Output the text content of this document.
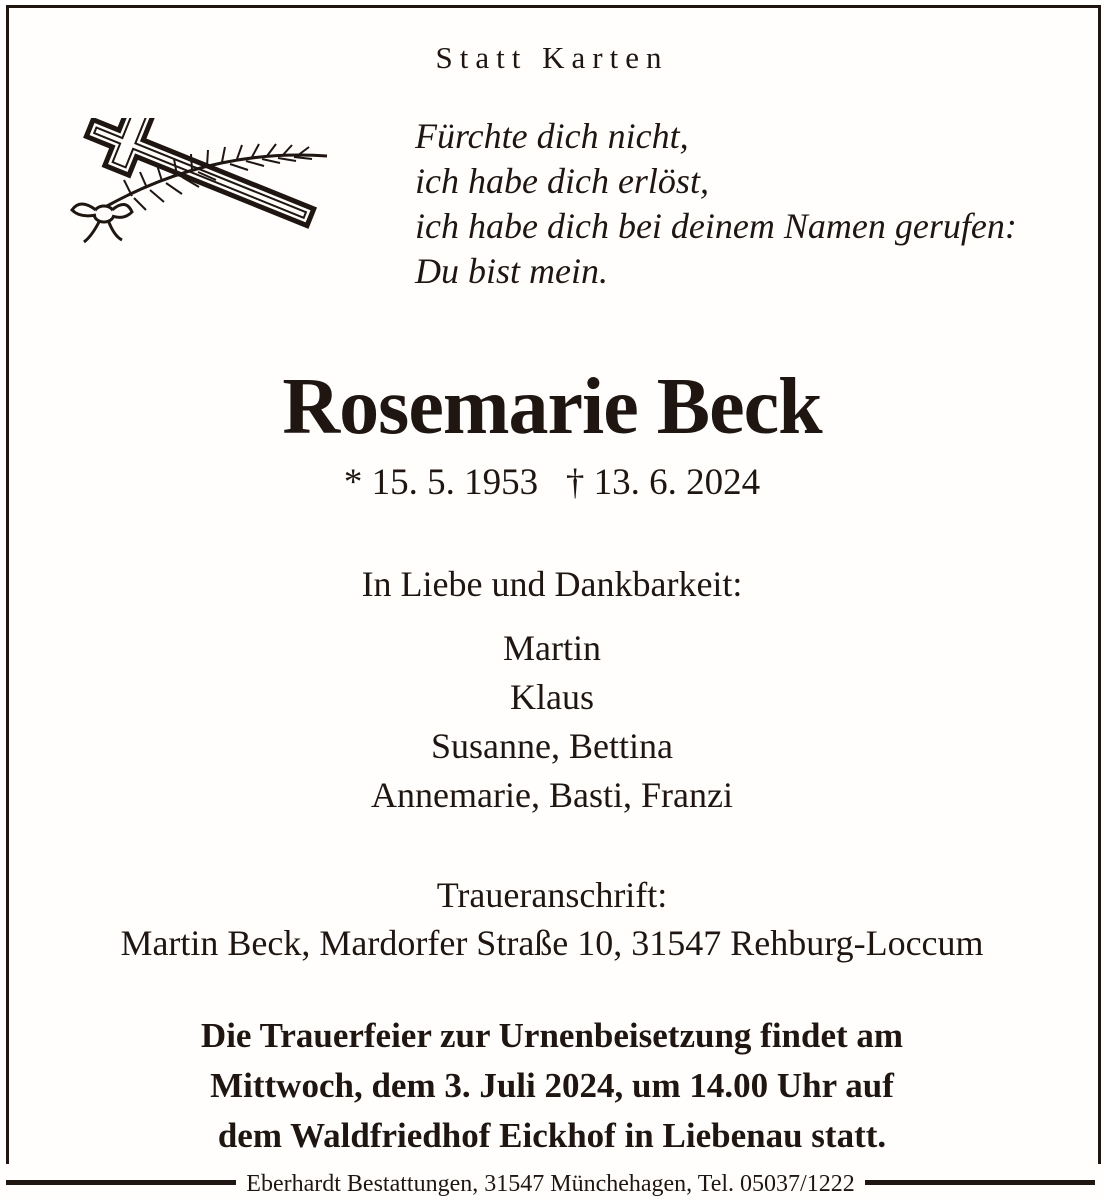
Statt Karten
Fürchte dich nicht,
ich habe dich erlöst,
ich habe dich bei deinem Namen gerufen:
Du bist mein.
Rosemarie Beck
* 15. 5. 1953   † 13. 6. 2024
In Liebe und Dankbarkeit:
Martin
Klaus
Susanne, Bettina
Annemarie, Basti, Franzi
Traueranschrift:
Martin Beck, Mardorfer Straße 10, 31547 Rehburg-Loccum
Die Trauerfeier zur Urnenbeisetzung findet am
Mittwoch, dem 3. Juli 2024, um 14.00 Uhr auf
dem Waldfriedhof Eickhof in Liebenau statt.
Eberhardt Bestattungen, 31547 Münchehagen, Tel. 05037/1222
